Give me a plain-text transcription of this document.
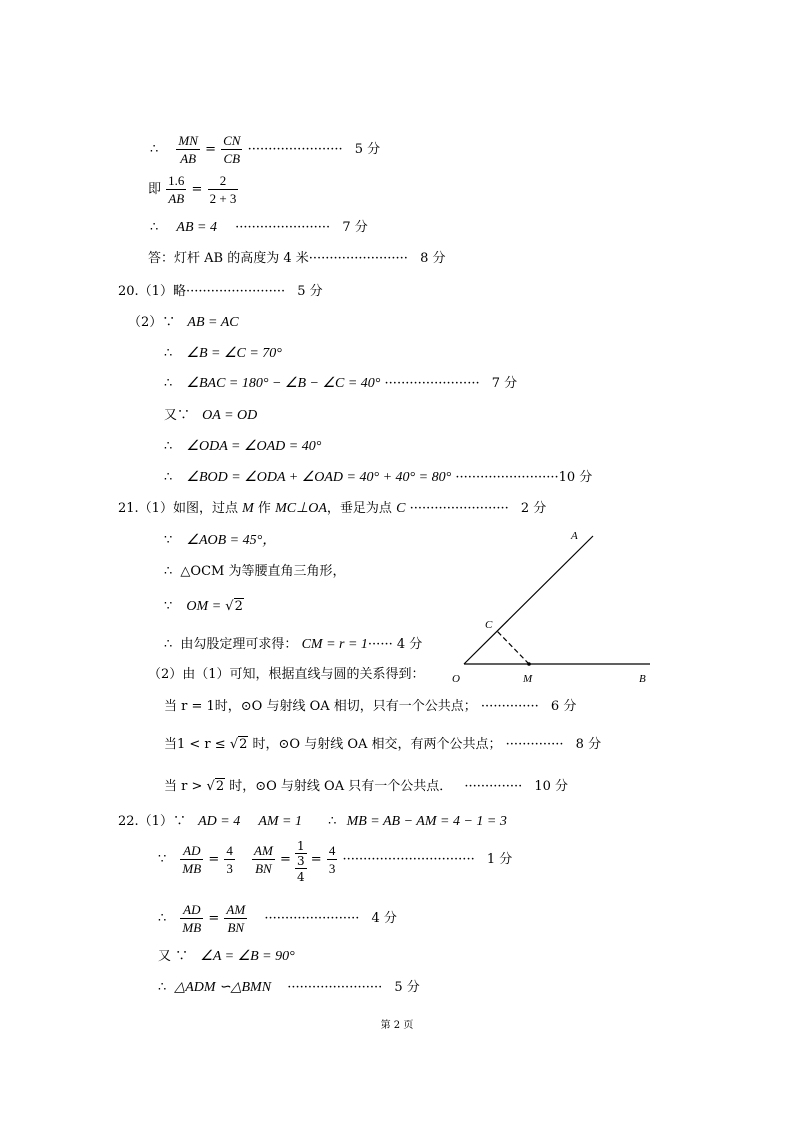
∴ $\frac{MN}{AB} = \frac{CN}{CB}$ ······················· 5 分
即 $\frac{1.6}{AB} = \frac{2}{2 + 3}$
∴ AB = 4 ······················· 7 分
答：灯杆 AB 的高度为 4 米························ 8 分
20.（1）略························ 5 分
（2）∵ AB = AC
∴ ∠B = ∠C = 70°
∴ ∠BAC = 180° − ∠B − ∠C = 40° ······················· 7 分
又∵ OA = OD
∴ ∠ODA = ∠OAD = 40°
∴ ∠BOD = ∠ODA + ∠OAD = 40° + 40° = 80° ·························10 分
21.（1）如图，过点 M 作 MC⊥OA，垂足为点 C ························ 2 分
∵ ∠AOB = 45°，
∴ △OCM 为等腰直角三角形，
∵ OM = √2
∴ 由勾股定理可求得： CM = r = 1······ 4 分
（2）由（1）可知，根据直线与圆的关系得到：
当 r = 1时，⊙O 与射线 OA 相切，只有一个公共点； ·············· 6 分
当1 < r ≤ √2 时，⊙O 与射线 OA 相交，有两个公共点； ·············· 8 分
当 r > √2 时，⊙O 与射线 OA 只有一个公共点． ·············· 10 分
A
C
O	M	B
22.（1）∵ AD = 4 AM = 1 ∴ MB = AB − AM = 4 − 1 = 3
∵ $\frac{AD}{MB} = \frac{4}{3}$
$\frac{AM}{BN} = 1$
3
$4 = \frac{4}{3}$ ································ 1 分
∴ $\frac{AD}{MB} = \frac{AM}{BN}$ ······················· 4 分
又 ∵ ∠A = ∠B = 90°
∴ △ADM ∽△BMN ······················· 5 分
第 2 页
